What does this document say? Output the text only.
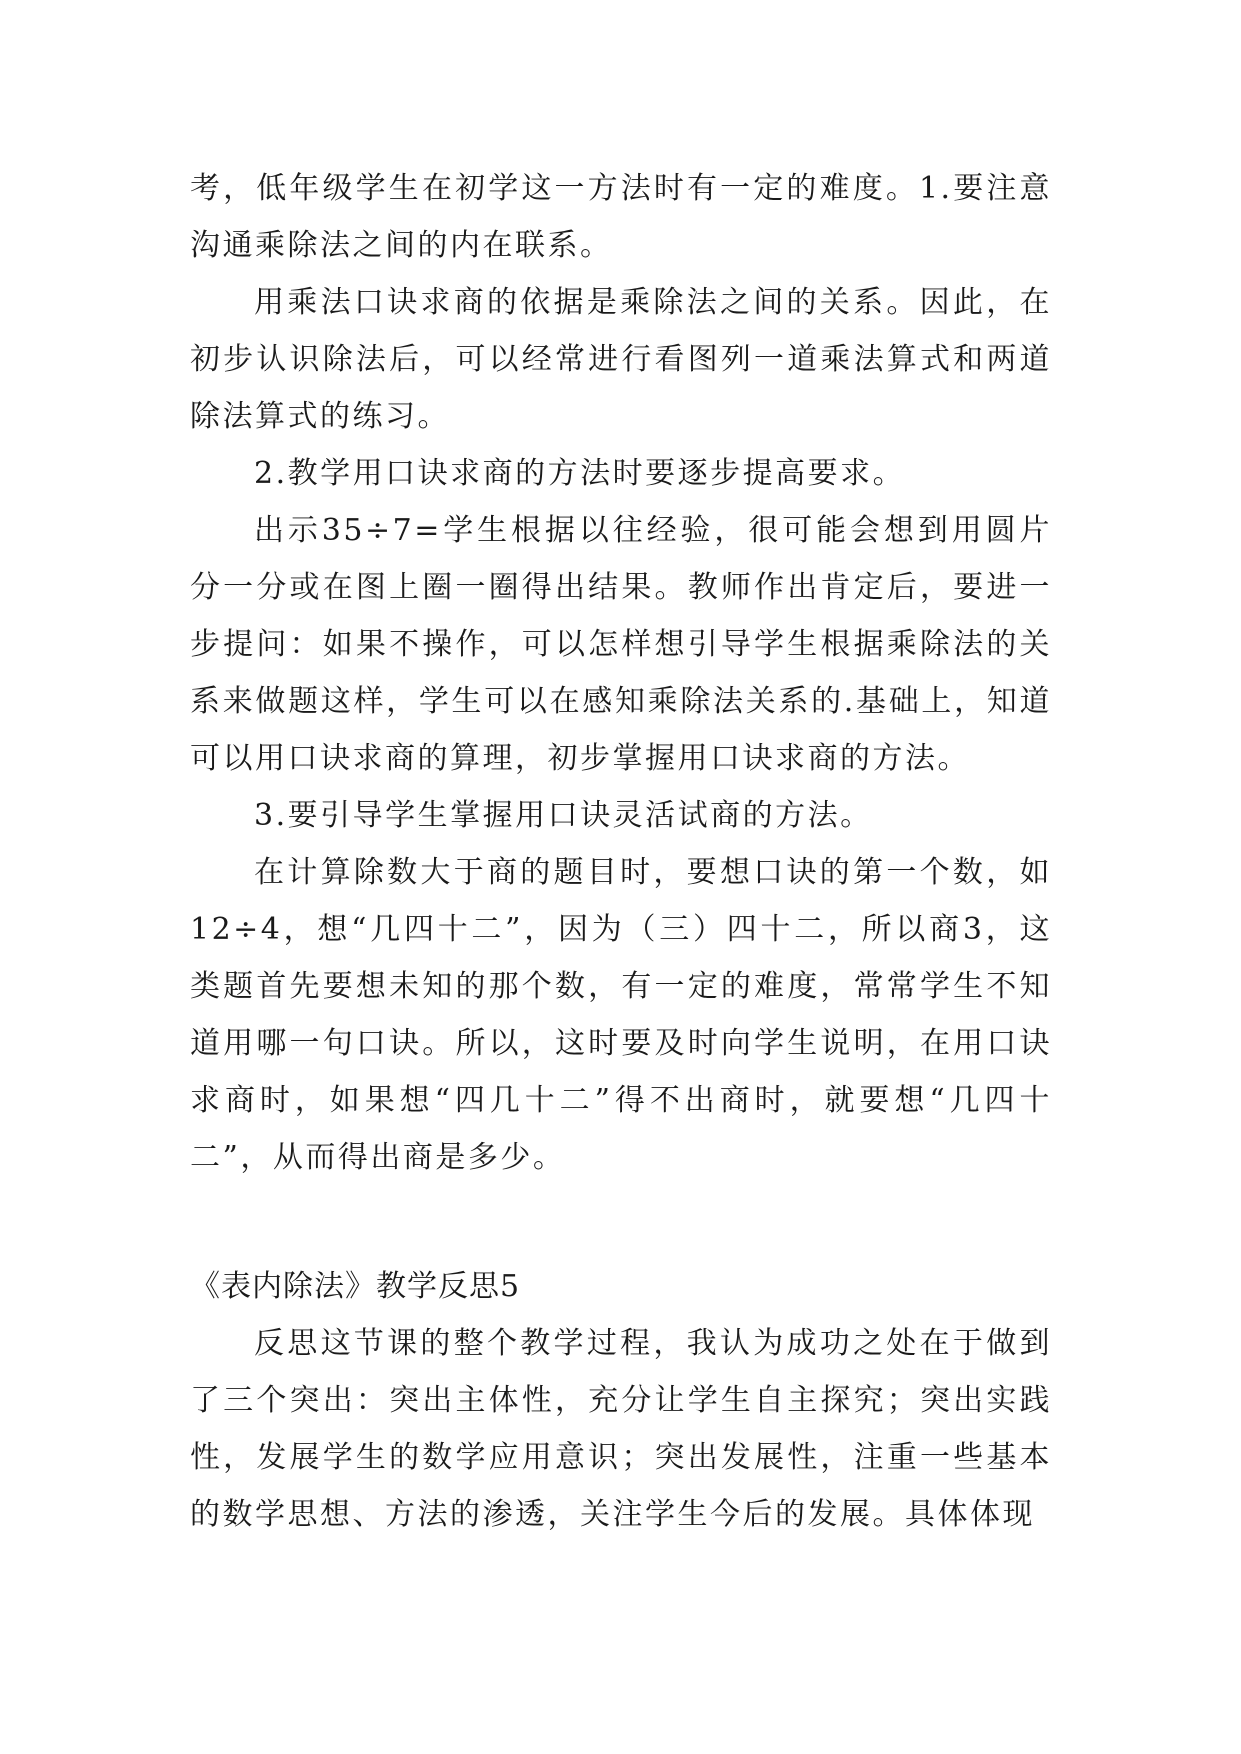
考，低年级学生在初学这一方法时有一定的难度。1.要注意沟通乘除法之间的内在联系。

用乘法口诀求商的依据是乘除法之间的关系。因此，在初步认识除法后，可以经常进行看图列一道乘法算式和两道除法算式的练习。

2.教学用口诀求商的方法时要逐步提高要求。

出示35÷7=学生根据以往经验，很可能会想到用圆片分一分或在图上圈一圈得出结果。教师作出肯定后，要进一步提问：如果不操作，可以怎样想引导学生根据乘除法的关系来做题这样，学生可以在感知乘除法关系的.基础上，知道可以用口诀求商的算理，初步掌握用口诀求商的方法。

3.要引导学生掌握用口诀灵活试商的方法。

在计算除数大于商的题目时，要想口诀的第一个数，如12÷4，想“几四十二”，因为（三）四十二，所以商3，这类题首先要想未知的那个数，有一定的难度，常常学生不知道用哪一句口诀。所以，这时要及时向学生说明，在用口诀求商时，如果想“四几十二”得不出商时，就要想“几四十二”，从而得出商是多少。

《表内除法》教学反思5

反思这节课的整个教学过程，我认为成功之处在于做到了三个突出：突出主体性，充分让学生自主探究；突出实践性，发展学生的数学应用意识；突出发展性，注重一些基本的数学思想、方法的渗透，关注学生今后的发展。具体体现
